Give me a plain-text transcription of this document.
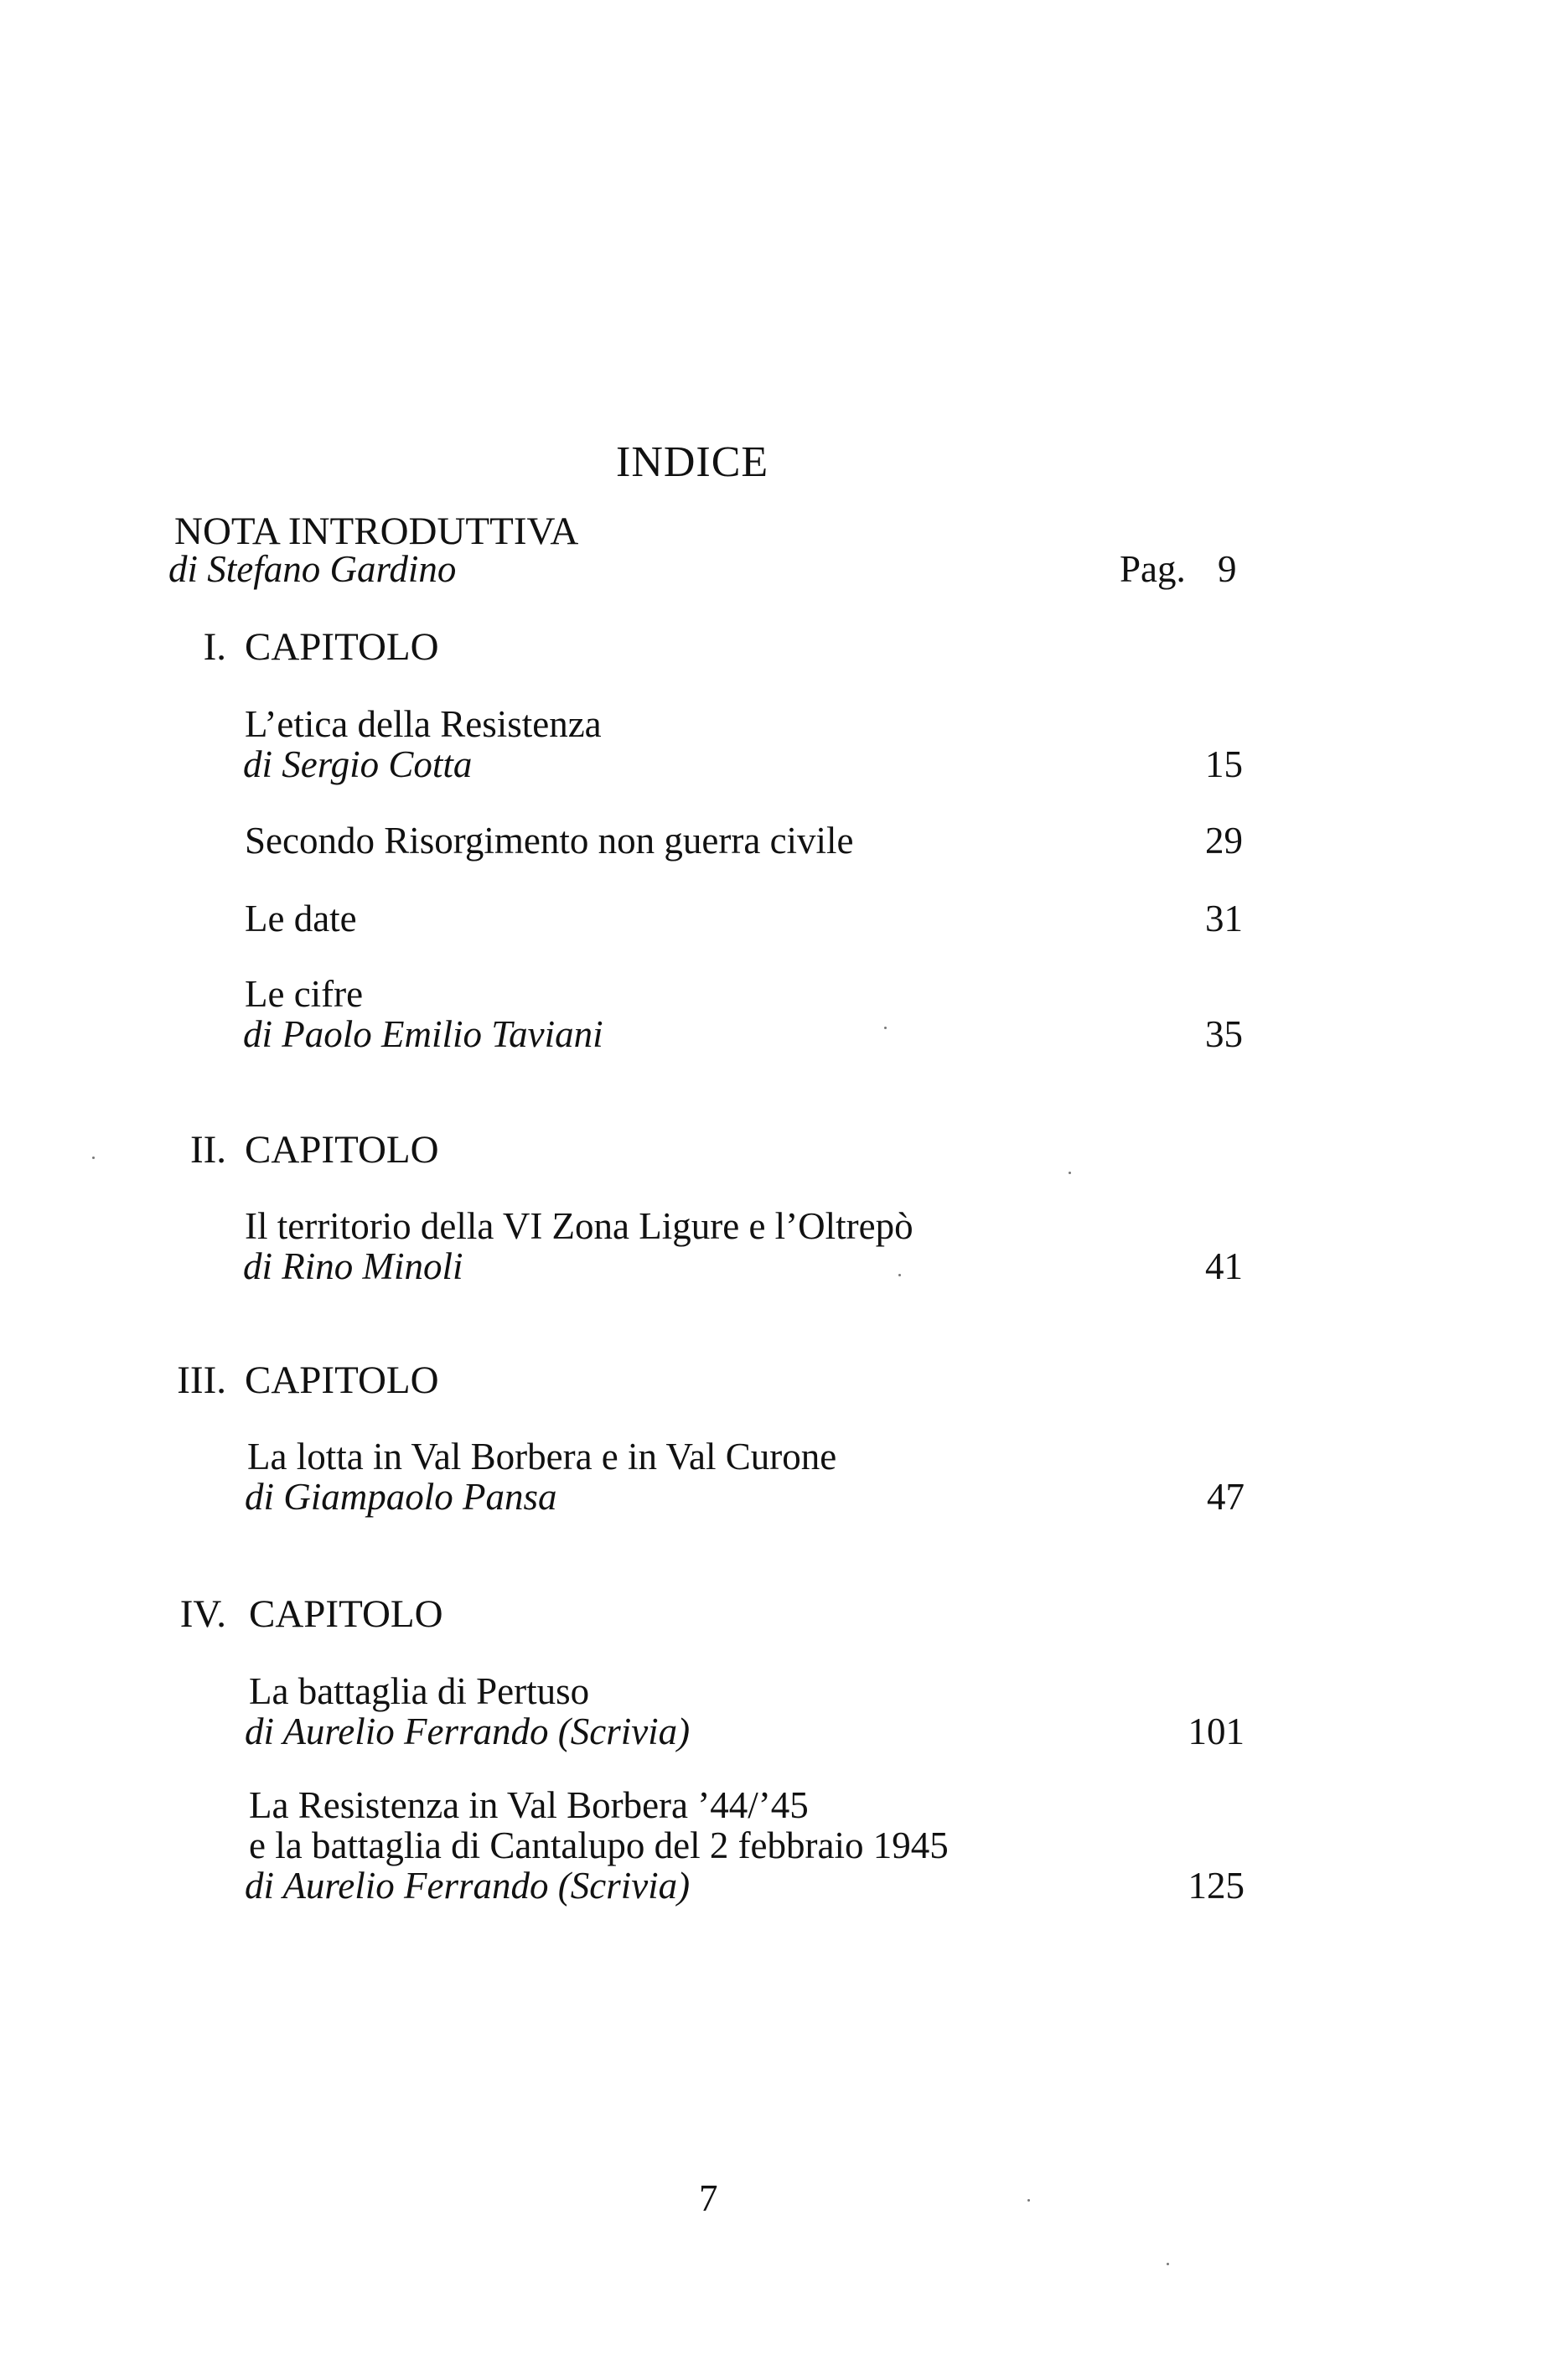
INDICE
NOTA INTRODUTTIVA
di Stefano Gardino	Pag. 9
I. CAPITOLO
L’etica della Resistenza
di Sergio Cotta	15
Secondo Risorgimento non guerra civile	29
Le date	31
Le cifre
di Paolo Emilio Taviani	35
II. CAPITOLO
Il territorio della VI Zona Ligure e l’Oltrepò
di Rino Minoli	41
III. CAPITOLO
La lotta in Val Borbera e in Val Curone
di Giampaolo Pansa	47
IV. CAPITOLO
La battaglia di Pertuso
di Aurelio Ferrando (Scrivia)	101
La Resistenza in Val Borbera ’44/’45
e la battaglia di Cantalupo del 2 febbraio 1945
di Aurelio Ferrando (Scrivia)	125
7
